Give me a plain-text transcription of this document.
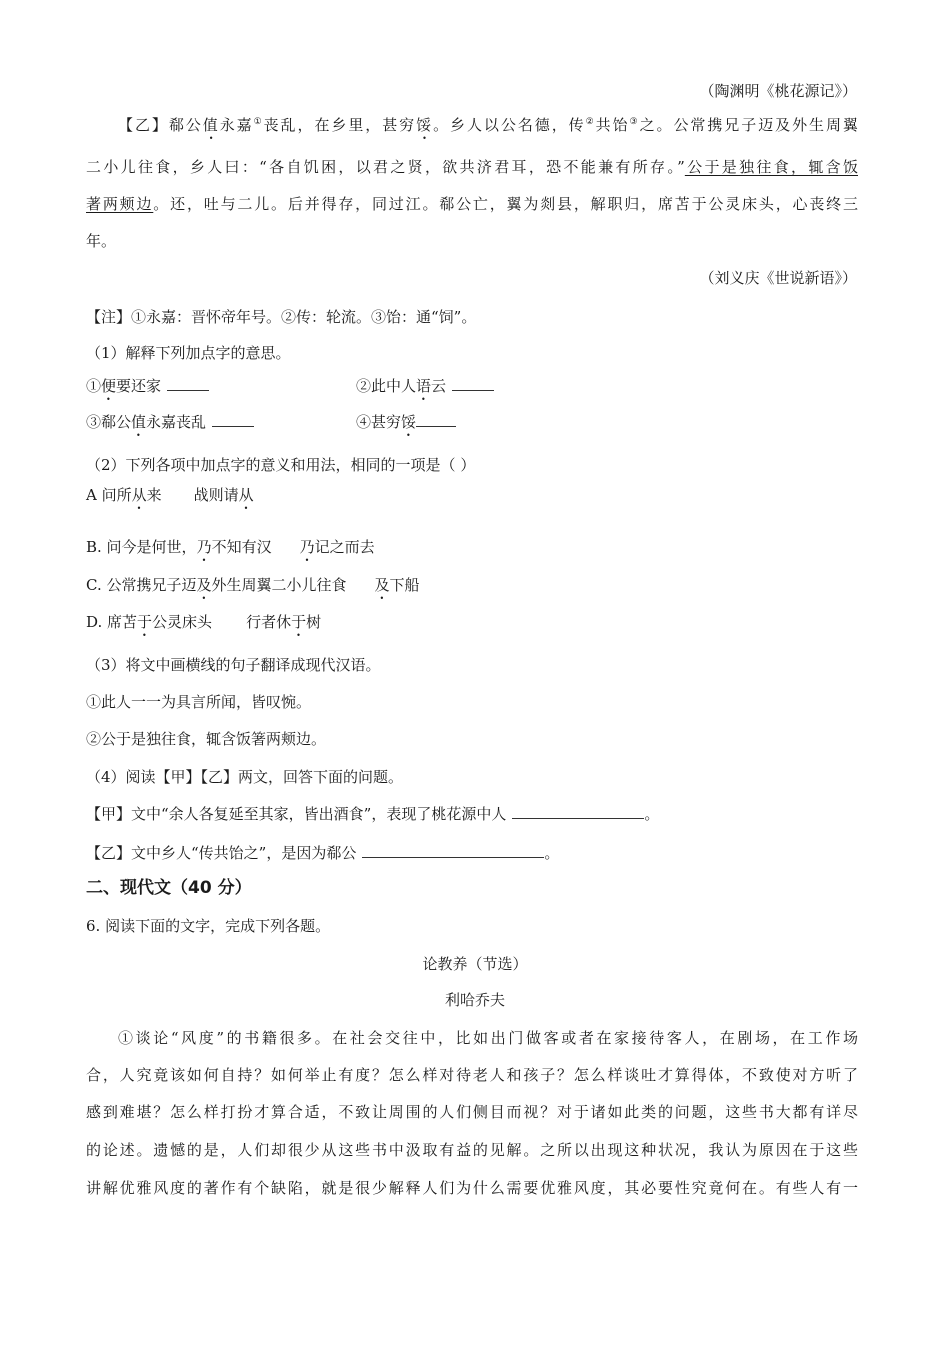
（陶渊明《桃花源记》）
【乙】郗公值永嘉①丧乱，在乡里，甚穷馁。乡人以公名德，传②共饴③之。公常携兄子迈及外生周翼
二小儿往食，乡人曰：“各自饥困，以君之贤，欲共济君耳，恐不能兼有所存。”公于是独往食，辄含饭
著两颊边。还，吐与二儿。后并得存，同过江。郗公亡，翼为剡县，解职归，席苫于公灵床头，心丧终三
年。
（刘义庆《世说新语》）
【注】①永嘉：晋怀帝年号。②传：轮流。③饴：通“饲”。
（1）解释下列加点字的意思。
①便要还家	②此中人语云
③郗公值永嘉丧乱	④甚穷馁
（2）下列各项中加点字的意义和用法，相同的一项是（ ）
A 问所从来 战则请从
B. 问今是何世，乃不知有汉 乃记之而去
C. 公常携兄子迈及外生周翼二小儿往食 及下船
D. 席苫于公灵床头 行者休于树
（3）将文中画横线的句子翻译成现代汉语。
①此人一一为具言所闻，皆叹惋。
②公于是独往食，辄含饭箸两颊边。
（4）阅读【甲】【乙】两文，回答下面的问题。
【甲】文中“余人各复延至其家，皆出酒食”，表现了桃花源中人	。
【乙】文中乡人“传共饴之”，是因为郗公	。
二、现代文（40 分）
6. 阅读下面的文字，完成下列各题。
论教养（节选）
利哈乔夫
①谈论“风度”的书籍很多。在社会交往中，比如出门做客或者在家接待客人，在剧场，在工作场
合，人究竟该如何自持？如何举止有度？怎么样对待老人和孩子？怎么样谈吐才算得体，不致使对方听了
感到难堪？怎么样打扮才算合适，不致让周围的人们侧目而视？对于诸如此类的问题，这些书大都有详尽
的论述。遗憾的是，人们却很少从这些书中汲取有益的见解。之所以出现这种状况，我认为原因在于这些
讲解优雅风度的著作有个缺陷，就是很少解释人们为什么需要优雅风度，其必要性究竟何在。有些人有一
